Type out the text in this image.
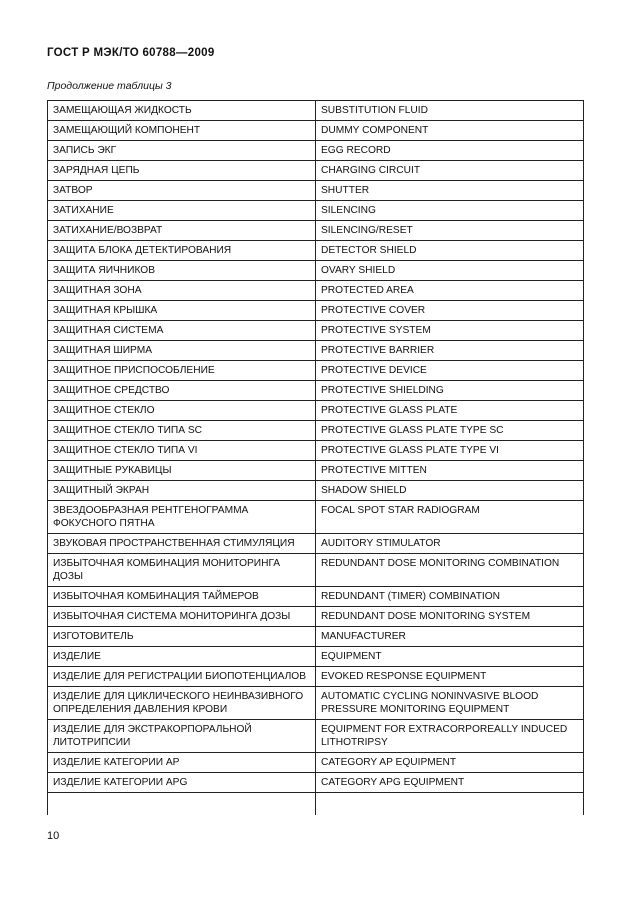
ГОСТ Р МЭК/ТО 60788—2009
Продолжение таблицы 3
ЗАМЕЩАЮЩАЯ ЖИДКОСТЬ	SUBSTITUTION FLUID
ЗАМЕЩАЮЩИЙ КОМПОНЕНТ	DUMMY COMPONENT
ЗАПИСЬ ЭКГ	EGG RECORD
ЗАРЯДНАЯ ЦЕПЬ	CHARGING CIRCUIT
ЗАТВОР	SHUTTER
ЗАТИХАНИЕ	SILENCING
ЗАТИХАНИЕ/ВОЗВРАТ	SILENCING/RESET
ЗАЩИТА БЛОКА ДЕТЕКТИРОВАНИЯ	DETECTOR SHIELD
ЗАЩИТА ЯИЧНИКОВ	OVARY SHIELD
ЗАЩИТНАЯ ЗОНА	PROTECTED AREA
ЗАЩИТНАЯ КРЫШКА	PROTECTIVE COVER
ЗАЩИТНАЯ СИСТЕМА	PROTECTIVE SYSTEM
ЗАЩИТНАЯ ШИРМА	PROTECTIVE BARRIER
ЗАЩИТНОЕ ПРИСПОСОБЛЕНИЕ	PROTECTIVE DEVICE
ЗАЩИТНОЕ СРЕДСТВО	PROTECTIVE SHIELDING
ЗАЩИТНОЕ СТЕКЛО	PROTECTIVE GLASS PLATE
ЗАЩИТНОЕ СТЕКЛО ТИПА SC	PROTECTIVE GLASS PLATE TYPE SC
ЗАЩИТНОЕ СТЕКЛО ТИПА VI	PROTECTIVE GLASS PLATE TYPE VI
ЗАЩИТНЫЕ РУКАВИЦЫ	PROTECTIVE MITTEN
ЗАЩИТНЫЙ ЭКРАН	SHADOW SHIELD
ЗВЕЗДООБРАЗНАЯ РЕНТГЕНОГРАММА ФОКУСНОГО ПЯТНА	FOCAL SPOT STAR RADIOGRAM
ЗВУКОВАЯ ПРОСТРАНСТВЕННАЯ СТИМУЛЯЦИЯ	AUDITORY STIMULATOR
ИЗБЫТОЧНАЯ КОМБИНАЦИЯ МОНИТОРИНГА ДОЗЫ	REDUNDANT DOSE MONITORING COMBINATION
ИЗБЫТОЧНАЯ КОМБИНАЦИЯ ТАЙМЕРОВ	REDUNDANT (TIMER) COMBINATION
ИЗБЫТОЧНАЯ СИСТЕМА МОНИТОРИНГА ДОЗЫ	REDUNDANT DOSE MONITORING SYSTEM
ИЗГОТОВИТЕЛЬ	MANUFACTURER
ИЗДЕЛИЕ	EQUIPMENT
ИЗДЕЛИЕ ДЛЯ РЕГИСТРАЦИИ БИОПОТЕНЦИАЛОВ	EVOKED RESPONSE EQUIPMENT
ИЗДЕЛИЕ ДЛЯ ЦИКЛИЧЕСКОГО НЕИНВАЗИВНОГО ОПРЕДЕЛЕНИЯ ДАВЛЕНИЯ КРОВИ	AUTOMATIC CYCLING NONINVASIVE BLOOD PRESSURE MONITORING EQUIPMENT
ИЗДЕЛИЕ ДЛЯ ЭКСТРАКОРПОРАЛЬНОЙ ЛИТОТРИПСИИ	EQUIPMENT FOR EXTRACORPOREALLY INDUCED LITHOTRIPSY
ИЗДЕЛИЕ КАТЕГОРИИ АР	CATEGORY AP EQUIPMENT
ИЗДЕЛИЕ КАТЕГОРИИ APG	CATEGORY APG EQUIPMENT

10
